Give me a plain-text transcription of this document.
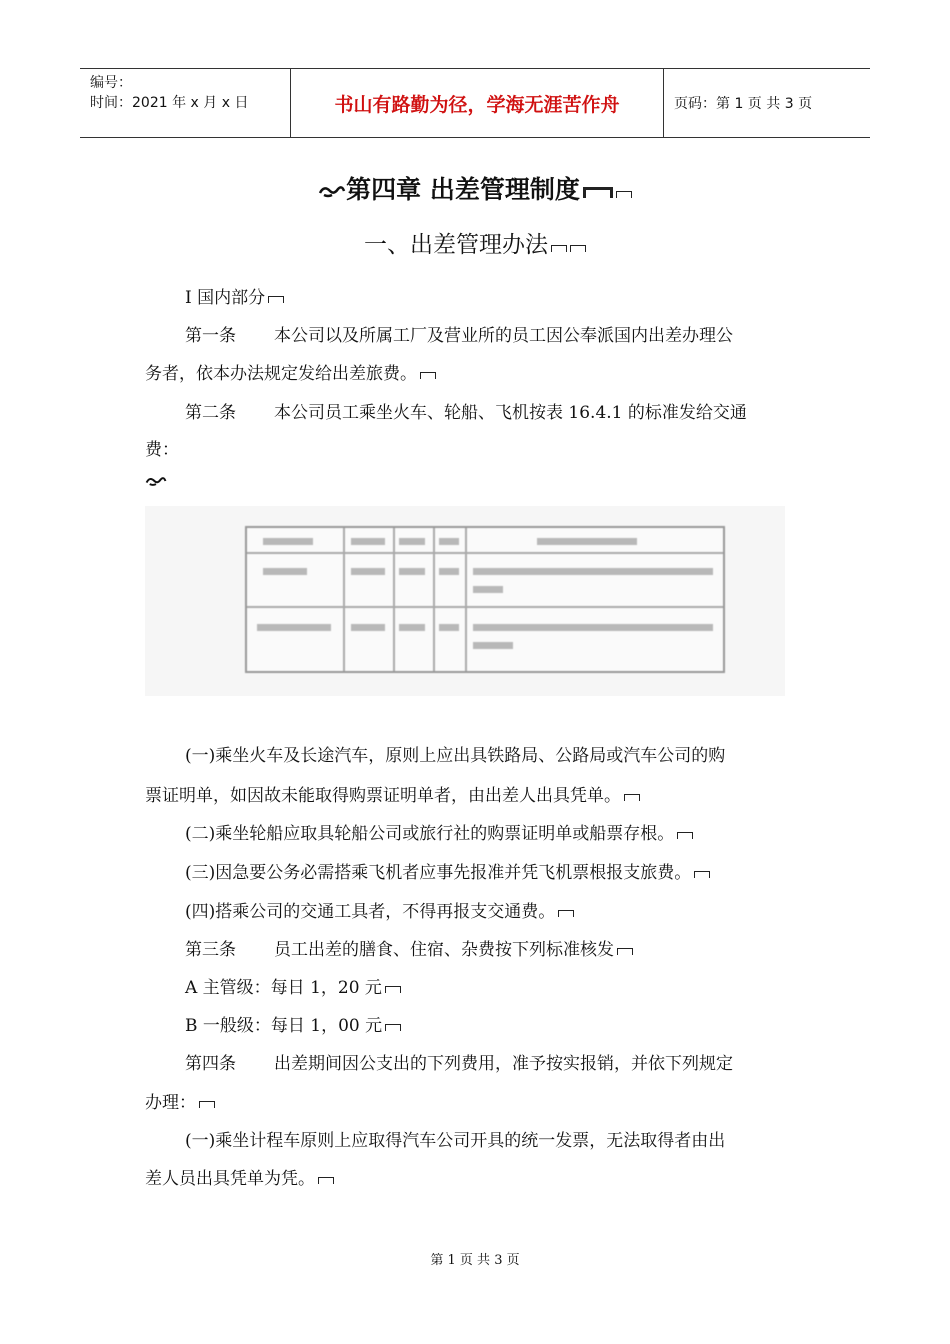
编号：
时间：2021 年 x 月 x 日	书山有路勤为径，学海无涯苦作舟	页码：第 1 页 共 3 页
第四章 出差管理制度
一、出差管理办法
Ⅰ 国内部分
第一条 本公司以及所属工厂及营业所的员工因公奉派国内出差办理公
务者，依本办法规定发给出差旅费。
第二条 本公司员工乘坐火车、轮船、飞机按表 16.4.1 的标准发给交通
费：
(一)乘坐火车及长途汽车，原则上应出具铁路局、公路局或汽车公司的购
票证明单，如因故未能取得购票证明单者，由出差人出具凭单。
(二)乘坐轮船应取具轮船公司或旅行社的购票证明单或船票存根。
(三)因急要公务必需搭乘飞机者应事先报准并凭飞机票根报支旅费。
(四)搭乘公司的交通工具者，不得再报支交通费。
第三条 员工出差的膳食、住宿、杂费按下列标准核发
A 主管级：每日 1，20 元
B 一般级：每日 1，00 元
第四条 出差期间因公支出的下列费用，准予按实报销，并依下列规定
办理：
(一)乘坐计程车原则上应取得汽车公司开具的统一发票，无法取得者由出
差人员出具凭单为凭。
第 1 页 共 3 页
